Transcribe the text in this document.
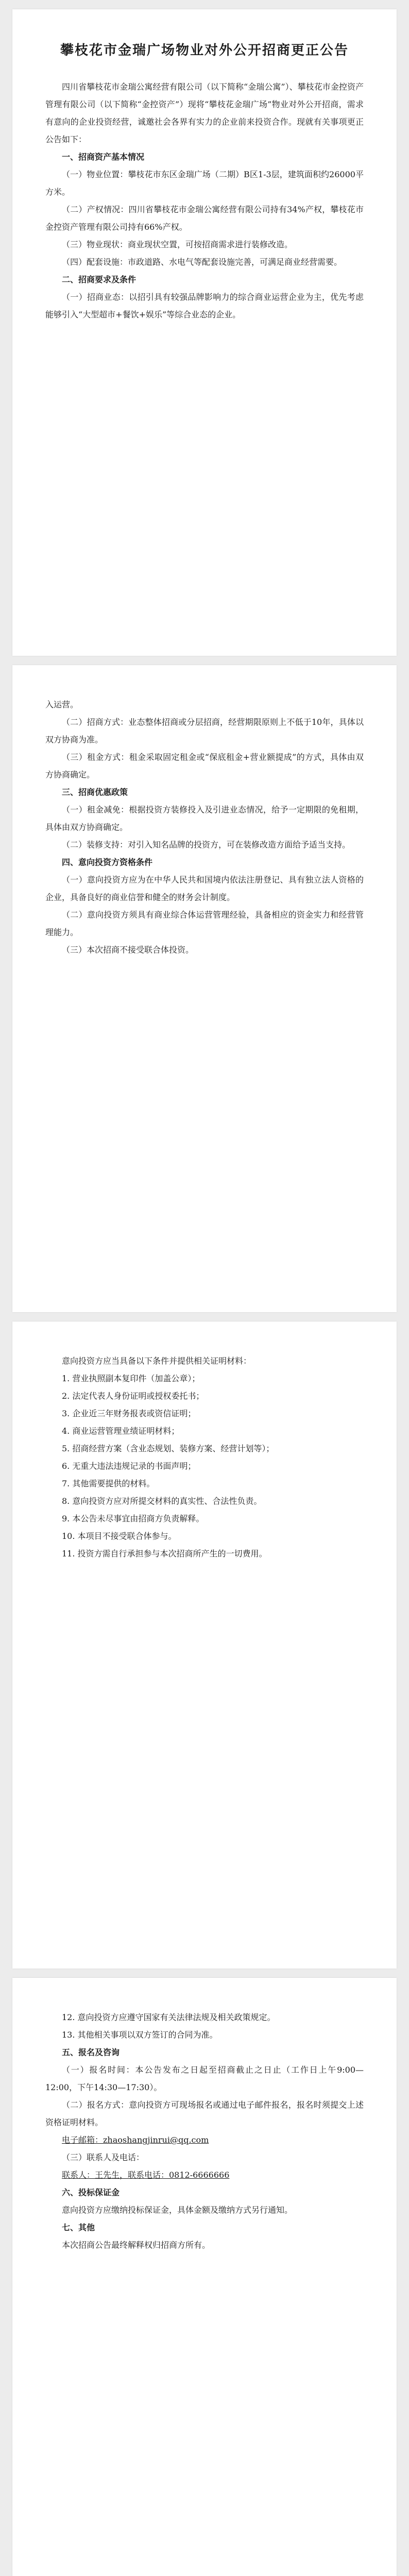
攀枝花市金瑞广场物业对外公开招商更正公告

四川省攀枝花市金瑞公寓经营有限公司（以下简称“金瑞公寓”）、攀枝花市金控资产管理有限公司（以下简称“金控资产”）现将“攀枝花金瑞广场”物业对外公开招商，需求有意向的企业投资经营，诚邀社会各界有实力的企业前来投资合作。现就有关事项更正公告如下：

一、招商资产基本情况

（一）物业位置：攀枝花市东区金瑞广场（二期）B区1-3层，建筑面积约26000平方米。

（二）产权情况：四川省攀枝花市金瑞公寓经营有限公司持有34%产权，攀枝花市金控资产管理有限公司持有66%产权。

（三）物业现状：商业现状空置，可按招商需求进行装修改造。

（四）配套设施：市政道路、水电气等配套设施完善，可满足商业经营需要。

二、招商要求及条件

（一）招商业态：以招引具有较强品牌影响力的综合商业运营企业为主，优先考虑能够引入“大型超市+餐饮+娱乐”等综合业态的企业。

入运营。

（二）招商方式：业态整体招商或分层招商，经营期限原则上不低于10年，具体以双方协商为准。

（三）租金方式：租金采取固定租金或“保底租金+营业额提成”的方式，具体由双方协商确定。

三、招商优惠政策

（一）租金减免：根据投资方装修投入及引进业态情况，给予一定期限的免租期，具体由双方协商确定。

（二）装修支持：对引入知名品牌的投资方，可在装修改造方面给予适当支持。

四、意向投资方资格条件

（一）意向投资方应为在中华人民共和国境内依法注册登记、具有独立法人资格的企业，具备良好的商业信誉和健全的财务会计制度。

（二）意向投资方须具有商业综合体运营管理经验，具备相应的资金实力和经营管理能力。

（三）本次招商不接受联合体投资。

意向投资方应当具备以下条件并提供相关证明材料：

1. 营业执照副本复印件（加盖公章）；

2. 法定代表人身份证明或授权委托书；

3. 企业近三年财务报表或资信证明；

4. 商业运营管理业绩证明材料；

5. 招商经营方案（含业态规划、装修方案、经营计划等）；

6. 无重大违法违规记录的书面声明；

7. 其他需要提供的材料。

8. 意向投资方应对所提交材料的真实性、合法性负责。

9. 本公告未尽事宜由招商方负责解释。

10. 本项目不接受联合体参与。

11. 投资方需自行承担参与本次招商所产生的一切费用。

12. 意向投资方应遵守国家有关法律法规及相关政策规定。

13. 其他相关事项以双方签订的合同为准。

五、报名及咨询

（一）报名时间：本公告发布之日起至招商截止之日止（工作日上午9:00—12:00，下午14:30—17:30）。

（二）报名方式：意向投资方可现场报名或通过电子邮件报名，报名时须提交上述资格证明材料。

电子邮箱：zhaoshangjinrui@qq.com

（三）联系人及电话：

联系人：王先生，联系电话：0812-6666666

六、投标保证金

意向投资方应缴纳投标保证金，具体金额及缴纳方式另行通知。

七、其他

本次招商公告最终解释权归招商方所有。
